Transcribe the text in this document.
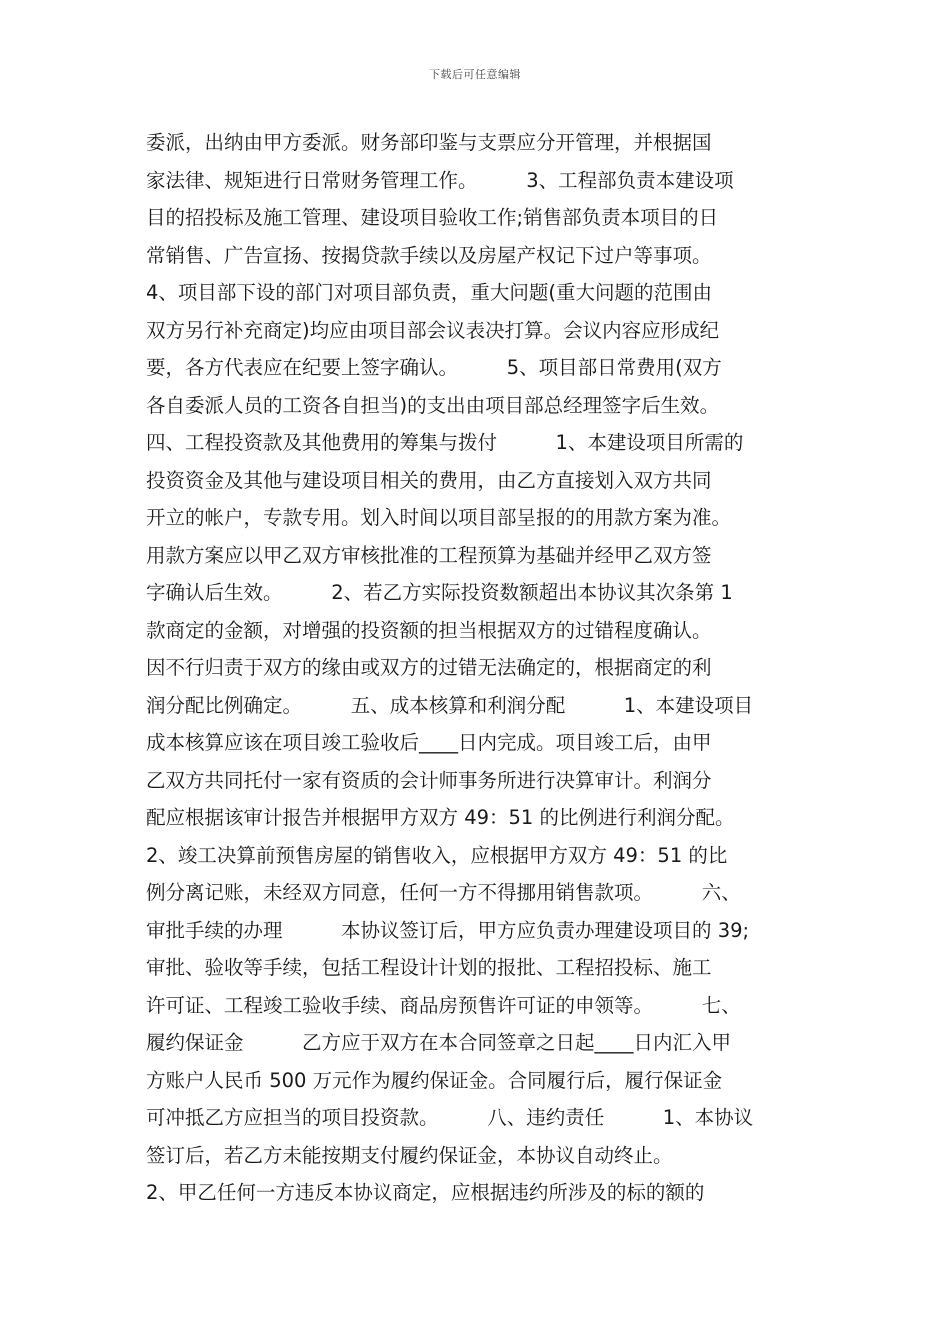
下载后可任意编辑
委派，出纳由甲方委派。财务部印鉴与支票应分开管理，并根据国
家法律、规矩进行日常财务管理工作。　　　3、工程部负责本建设项
目的招投标及施工管理、建设项目验收工作;销售部负责本项目的日
常销售、广告宣扬、按揭贷款手续以及房屋产权记下过户等事项。
4、项目部下设的部门对项目部负责，重大问题(重大问题的范围由
双方另行补充商定)均应由项目部会议表决打算。会议内容应形成纪
要，各方代表应在纪要上签字确认。　　　5、项目部日常费用(双方
各自委派人员的工资各自担当)的支出由项目部总经理签字后生效。
四、工程投资款及其他费用的筹集与拨付　　　1、本建设项目所需的
投资资金及其他与建设项目相关的费用，由乙方直接划入双方共同
开立的帐户，专款专用。划入时间以项目部呈报的的用款方案为准。
用款方案应以甲乙双方审核批准的工程预算为基础并经甲乙双方签
字确认后生效。　　　2、若乙方实际投资数额超出本协议其次条第 1
款商定的金额，对增强的投资额的担当根据双方的过错程度确认。
因不行归责于双方的缘由或双方的过错无法确定的，根据商定的利
润分配比例确定。　　　五、成本核算和利润分配　　　1、本建设项目
成本核算应该在项目竣工验收后____日内完成。项目竣工后，由甲
乙双方共同托付一家有资质的会计师事务所进行决算审计。利润分
配应根据该审计报告并根据甲方双方 49：51 的比例进行利润分配。
2、竣工决算前预售房屋的销售收入，应根据甲方双方 49：51 的比
例分离记账，未经双方同意，任何一方不得挪用销售款项。　　　六、
审批手续的办理　　　本协议签订后，甲方应负责办理建设项目的 39;
审批、验收等手续，包括工程设计计划的报批、工程招投标、施工
许可证、工程竣工验收手续、商品房预售许可证的申领等。　　　七、
履约保证金　　　乙方应于双方在本合同签章之日起____日内汇入甲
方账户人民币 500 万元作为履约保证金。合同履行后，履行保证金
可冲抵乙方应担当的项目投资款。　　　八、违约责任　　　1、本协议
签订后，若乙方未能按期支付履约保证金，本协议自动终止。
2、甲乙任何一方违反本协议商定，应根据违约所涉及的标的额的
